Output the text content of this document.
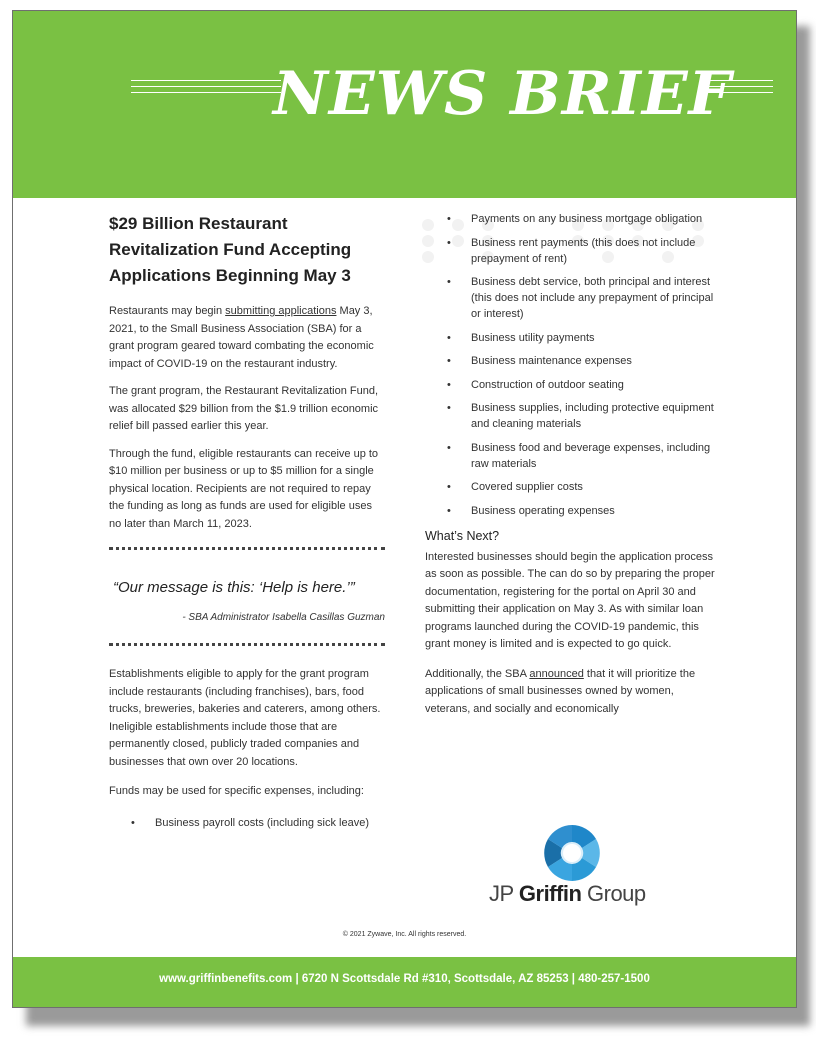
NEWS BRIEF
$29 Billion Restaurant Revitalization Fund Accepting Applications Beginning May 3

Restaurants may begin submitting applications May 3, 2021, to the Small Business Association (SBA) for a grant program geared toward combating the economic impact of COVID-19 on the restaurant industry.

The grant program, the Restaurant Revitalization Fund, was allocated $29 billion from the $1.9 trillion economic relief bill passed earlier this year.

Through the fund, eligible restaurants can receive up to $10 million per business or up to $5 million for a single physical location. Recipients are not required to repay the funding as long as funds are used for eligible uses no later than March 11, 2023.

“Our message is this: ‘Help is here.’”
- SBA Administrator Isabella Casillas Guzman

Establishments eligible to apply for the grant program include restaurants (including franchises), bars, food trucks, breweries, bakeries and caterers, among others. Ineligible establishments include those that are permanently closed, publicly traded companies and businesses that own over 20 locations.

Funds may be used for specific expenses, including:

• Business payroll costs (including sick leave)
• Payments on any business mortgage obligation
• Business rent payments (this does not include prepayment of rent)
• Business debt service, both principal and interest (this does not include any prepayment of principal or interest)
• Business utility payments
• Business maintenance expenses
• Construction of outdoor seating
• Business supplies, including protective equipment and cleaning materials
• Business food and beverage expenses, including raw materials
• Covered supplier costs
• Business operating expenses
What’s Next?

Interested businesses should begin the application process as soon as possible. The can do so by preparing the proper documentation, registering for the portal on April 30 and submitting their application on May 3. As with similar loan programs launched during the COVID-19 pandemic, this grant money is limited and is expected to go quick.

Additionally, the SBA announced that it will prioritize the applications of small businesses owned by women, veterans, and socially and economically

JP Griffin Group
© 2021 Zywave, Inc. All rights reserved.
www.griffinbenefits.com | 6720 N Scottsdale Rd #310, Scottsdale, AZ 85253 | 480-257-1500
